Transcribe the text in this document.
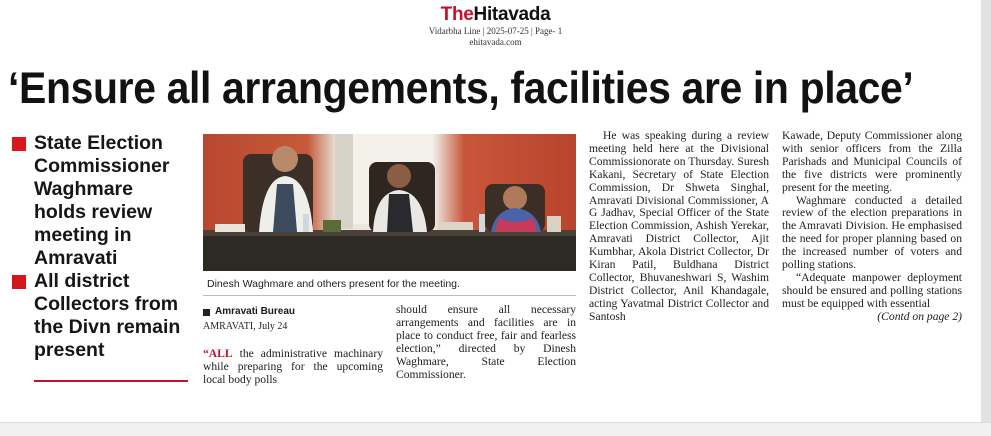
TheHitavada
Vidarbha Line | 2025-07-25 | Page- 1
ehitavada.com
‘Ensure all arrangements, facilities are in place’
State Election Commissioner Waghmare holds review meeting in Amravati
All district Collectors from the Divn remain present
Dinesh Waghmare and others present for the meeting.
Amravati Bureau
AMRAVATI, July 24

“ALL the administrative machinary while preparing for the upcoming local body polls

should ensure all necessary arrangements and facilities are in place to conduct free, fair and fearless election,” directed by Dinesh Waghmare, State Election Commissioner.

He was speaking during a review meeting held here at the Divisional Commissionorate on Thursday. Suresh Kakani, Secretary of State Election Commission, Dr Shweta Singhal, Amravati Divisional Commissioner, A G Jadhav, Special Officer of the State Election Commission, Ashish Yerekar, Amravati District Collector, Ajit Kumbhar, Akola District Collector, Dr Kiran Patil, Buldhana District Collector, Bhuvaneshwari S, Washim District Collector, Anil Khandagale, acting Yavatmal District Collector and Santosh

Kawade, Deputy Commissioner along with senior officers from the Zilla Parishads and Municipal Councils of the five districts were prominently present for the meeting.

Waghmare conducted a detailed review of the election preparations in the Amravati Division. He emphasised the need for proper planning based on the increased number of voters and polling stations.

“Adequate manpower deployment should be ensured and polling stations must be equipped with essential

(Contd on page 2)
